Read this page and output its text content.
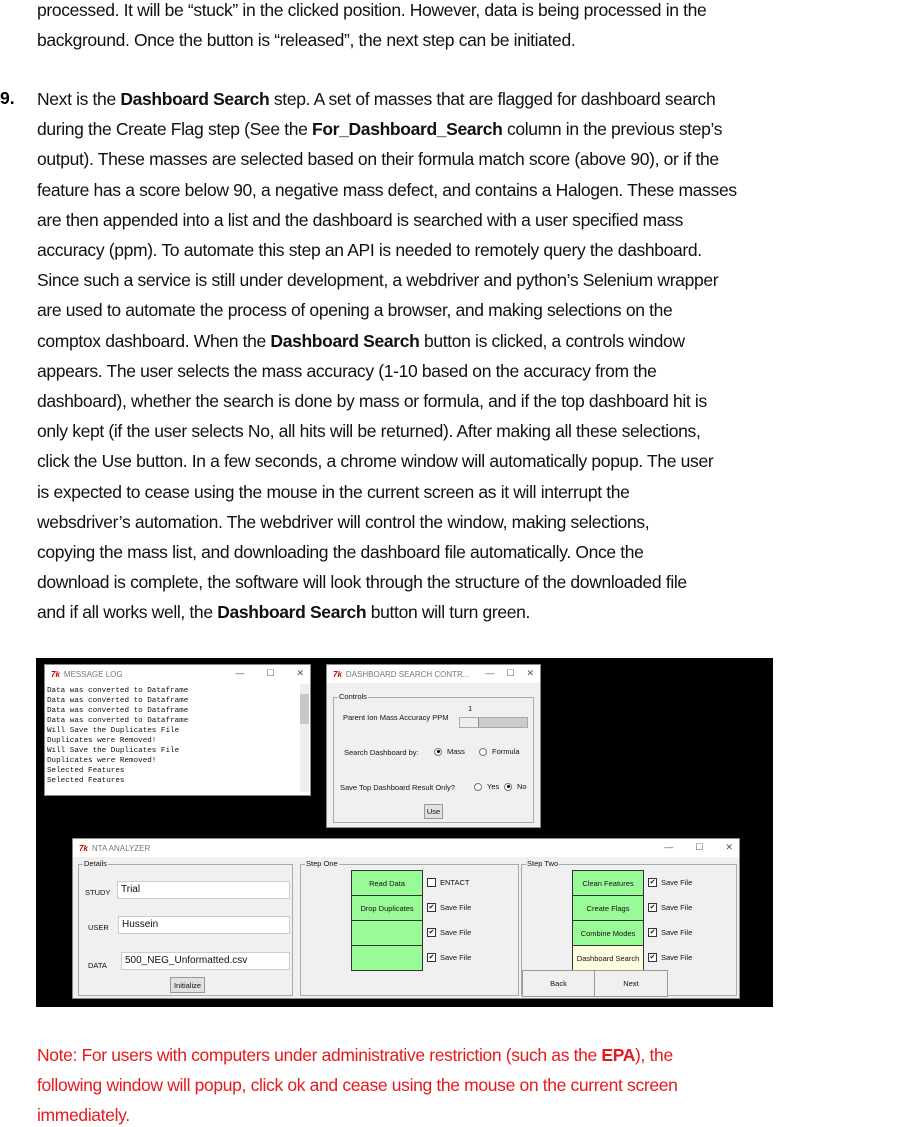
processed. It will be “stuck” in the clicked position. However, data is being processed in the
background. Once the button is “released”, the next step can be initiated.
9. Next is the Dashboard Search step. A set of masses that are flagged for dashboard search
during the Create Flag step (See the For_Dashboard_Search column in the previous step’s
output). These masses are selected based on their formula match score (above 90), or if the
feature has a score below 90, a negative mass defect, and contains a Halogen. These masses
are then appended into a list and the dashboard is searched with a user specified mass
accuracy (ppm). To automate this step an API is needed to remotely query the dashboard.
Since such a service is still under development, a webdriver and python’s Selenium wrapper
are used to automate the process of opening a browser, and making selections on the
comptox dashboard. When the Dashboard Search button is clicked, a controls window
appears. The user selects the mass accuracy (1-10 based on the accuracy from the
dashboard), whether the search is done by mass or formula, and if the top dashboard hit is
only kept (if the user selects No, all hits will be returned). After making all these selections,
click the Use button. In a few seconds, a chrome window will automatically popup. The user
is expected to cease using the mouse in the current screen as it will interrupt the
websdriver’s automation. The webdriver will control the window, making selections,
copying the mass list, and downloading the dashboard file automatically. Once the
download is complete, the software will look through the structure of the downloaded file
and if all works well, the Dashboard Search button will turn green.
7k MESSAGE LOG	— ☐ ✕
Data was converted to Dataframe
Data was converted to Dataframe
Data was converted to Dataframe
Data was converted to Dataframe
Will Save the Duplicates File
Duplicates were Removed!
Will Save the Duplicates File
Duplicates were Removed!
Selected Features
Selected Features
7k DASHBOARD SEARCH CONTR... — ☐ ✕
Controls
Parent Ion Mass Accuracy PPM
1
Search Dashboard by:	Mass	Formula
Save Top Dashboard Result Only?	Yes No
Use
7k NTA ANALYZER	— ☐ ✕
Details
STUDY	Trial
USER	Hussein
DATA	500_NEG_Unformatted.csv
Initialize
Step One
Read Data	ENTACT
Drop Duplicates	✔ Save File
✔ Save File
✔ Save File
Step Two
Clean Features	✔ Save File
Create Flags	✔ Save File
Combine Modes	✔ Save File
Dashboard Search	✔ Save File
Back	Next
Note: For users with computers under administrative restriction (such as the EPA), the
following window will popup, click ok and cease using the mouse on the current screen
immediately.
